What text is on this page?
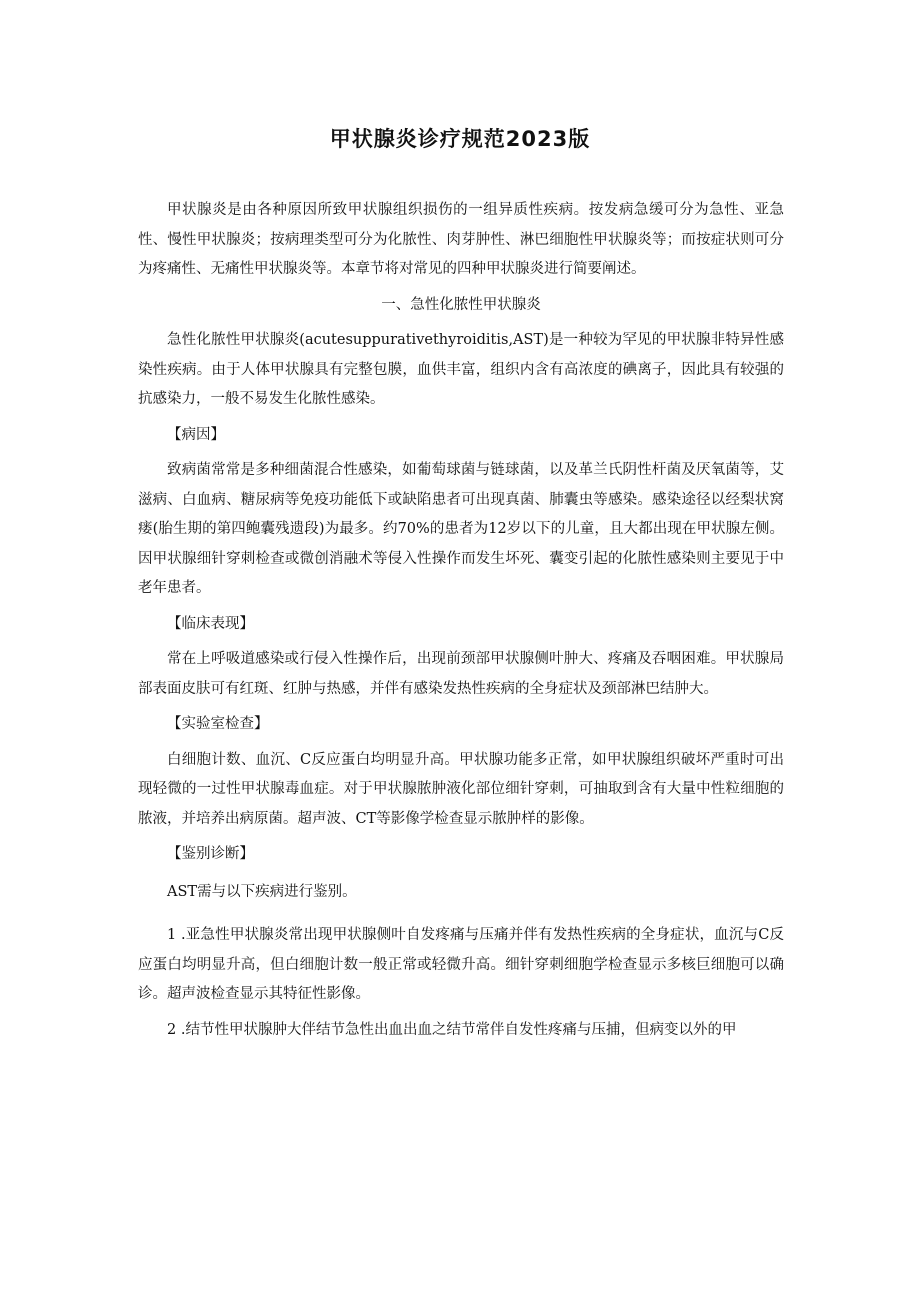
甲状腺炎诊疗规范2023版

甲状腺炎是由各种原因所致甲状腺组织损伤的一组异质性疾病。按发病急缓可分为急性、亚急性、慢性甲状腺炎；按病理类型可分为化脓性、肉芽肿性、淋巴细胞性甲状腺炎等；而按症状则可分为疼痛性、无痛性甲状腺炎等。本章节将对常见的四种甲状腺炎进行简要阐述。

一、急性化脓性甲状腺炎

急性化脓性甲状腺炎(acutesuppurativethyroiditis,AST)是一种较为罕见的甲状腺非特异性感染性疾病。由于人体甲状腺具有完整包膜，血供丰富，组织内含有高浓度的碘离子，因此具有较强的抗感染力，一般不易发生化脓性感染。

【病因】

致病菌常常是多种细菌混合性感染，如葡萄球菌与链球菌，以及革兰氏阴性杆菌及厌氧菌等，艾滋病、白血病、糖尿病等免疫功能低下或缺陷患者可出现真菌、肺囊虫等感染。感染途径以经梨状窝瘘(胎生期的第四鲍囊残遗段)为最多。约70%的患者为12岁以下的儿童，且大都出现在甲状腺左侧。因甲状腺细针穿刺检查或微创消融术等侵入性操作而发生坏死、囊变引起的化脓性感染则主要见于中老年患者。

【临床表现】

常在上呼吸道感染或行侵入性操作后，出现前颈部甲状腺侧叶肿大、疼痛及吞咽困难。甲状腺局部表面皮肤可有红斑、红肿与热感，并伴有感染发热性疾病的全身症状及颈部淋巴结肿大。

【实验室检查】

白细胞计数、血沉、C反应蛋白均明显升高。甲状腺功能多正常，如甲状腺组织破坏严重时可出现轻微的一过性甲状腺毒血症。对于甲状腺脓肿液化部位细针穿刺，可抽取到含有大量中性粒细胞的脓液，并培养出病原菌。超声波、CT等影像学检查显示脓肿样的影像。

【鉴别诊断】

AST需与以下疾病进行鉴别。

1 .亚急性甲状腺炎常出现甲状腺侧叶自发疼痛与压痛并伴有发热性疾病的全身症状，血沉与C反应蛋白均明显升高，但白细胞计数一般正常或轻微升高。细针穿刺细胞学检查显示多核巨细胞可以确诊。超声波检查显示其特征性影像。

2 .结节性甲状腺肿大伴结节急性出血出血之结节常伴自发性疼痛与压捕，但病变以外的甲
